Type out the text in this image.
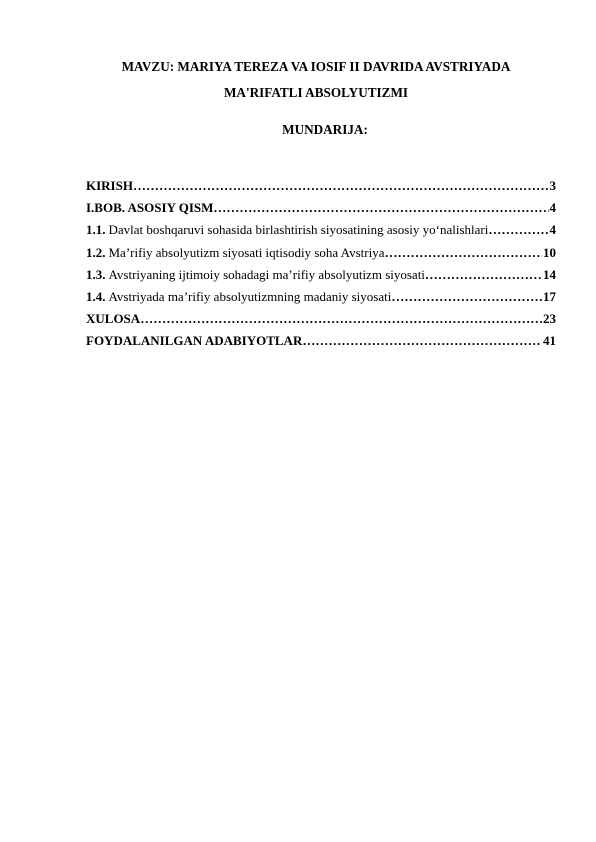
MAVZU: MARIYA TEREZA VA IOSIF II DAVRIDA AVSTRIYADA
MA'RIFATLI ABSOLYUTIZMI
MUNDARIJA:
KIRISH ……………………………………………………………………………………………………………………………………	3
I.BOB. ASOSIY QISM ……………………………………………………………………………………………………………………………………	4
1.1. Davlat boshqaruvi sohasida birlashtirish siyosatining asosiy yo‘nalishlari ……………………………………………………………………………………………………………………………………	4
1.2. Ma’rifiy absolyutizm siyosati iqtisodiy soha Avstriya ……………………………………………………………………………………………………………………………………	10
1.3. Avstriyaning ijtimoiy sohadagi ma’rifiy absolyutizm siyosati ……………………………………………………………………………………………………………………………………	14
1.4. Avstriyada ma’rifiy absolyutizmning madaniy siyosati ……………………………………………………………………………………………………………………………………	17
XULOSA ……………………………………………………………………………………………………………………………………	23
FOYDALANILGAN ADABIYOTLAR ……………………………………………………………………………………………………………………………………	41
